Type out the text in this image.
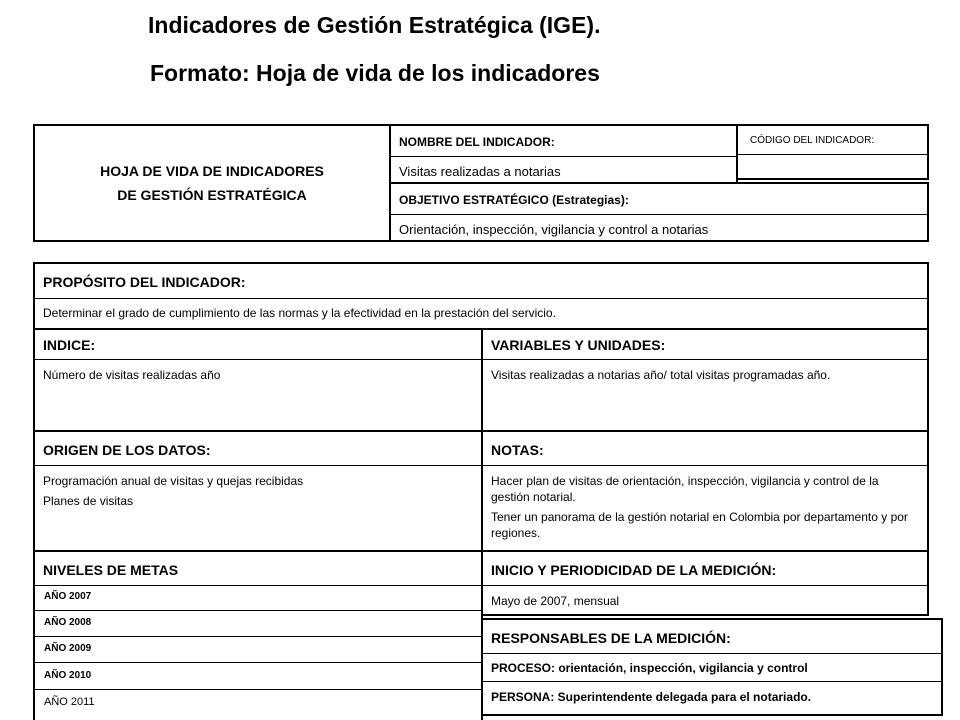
Indicadores de Gestión Estratégica (IGE).
Formato: Hoja de vida de los indicadores
HOJA DE VIDA DE INDICADORES
DE GESTIÓN ESTRATÉGICA
NOMBRE DEL INDICADOR:
Visitas realizadas a notarias
CÓDIGO DEL INDICADOR:
OBJETIVO ESTRATÉGICO (Estrategias):
Orientación, inspección, vigilancia y control a notarias
PROPÓSITO DEL INDICADOR:
Determinar el grado de cumplimiento de las normas y la efectividad en la prestación del servicio.
INDICE:
Número de visitas realizadas año
VARIABLES Y UNIDADES:
Visitas realizadas a notarias año/ total visitas programadas año.
ORIGEN DE LOS DATOS:
Programación anual de visitas y quejas recibidas
Planes de visitas
NOTAS:
Hacer plan de visitas de orientación, inspección, vigilancia y control de la gestión notarial.
Tener un panorama de la gestión notarial en Colombia por departamento y por regiones.
NIVELES DE METAS
AÑO 2007
AÑO 2008
AÑO 2009
AÑO 2010
AÑO 2011
INICIO Y PERIODICIDAD DE LA MEDICIÓN:
Mayo de 2007, mensual
RESPONSABLES DE LA MEDICIÓN:
PROCESO: orientación, inspección, vigilancia y control
PERSONA: Superintendente delegada para el notariado.
